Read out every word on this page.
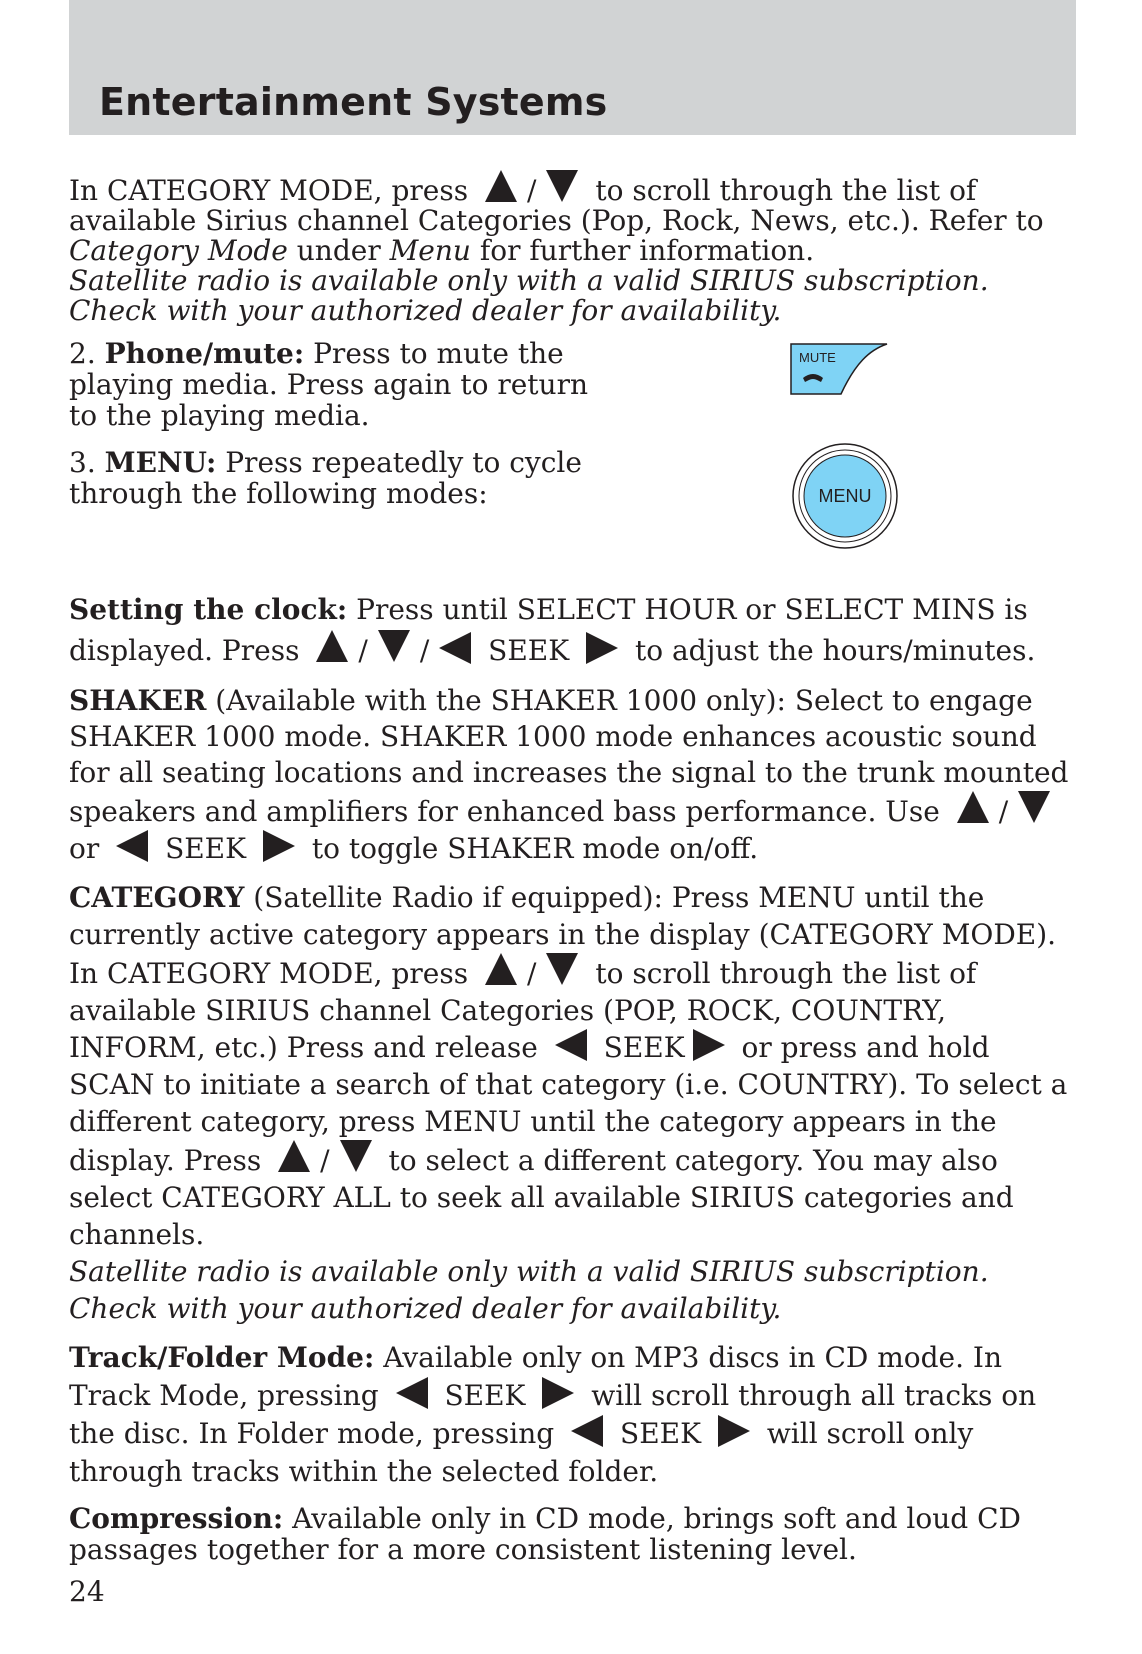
Entertainment Systems

In CATEGORY MODE, press / to scroll through the list of available Sirius channel Categories (Pop, Rock, News, etc.). Refer to Category Mode under Menu for further information.
Satellite radio is available only with a valid SIRIUS subscription. Check with your authorized dealer for availability.

2. Phone/mute: Press to mute the playing media. Press again to return to the playing media.
MUTE
3. MENU: Press repeatedly to cycle through the following modes:	MENU

Setting the clock: Press until SELECT HOUR or SELECT MINS is displayed. Press / / SEEK to adjust the hours/minutes.

SHAKER (Available with the SHAKER 1000 only): Select to engage SHAKER 1000 mode. SHAKER 1000 mode enhances acoustic sound for all seating locations and increases the signal to the trunk mounted speakers and amplifiers for enhanced bass performance. Use /
or SEEK to toggle SHAKER mode on/off.

CATEGORY (Satellite Radio if equipped): Press MENU until the currently active category appears in the display (CATEGORY MODE). In CATEGORY MODE, press / to scroll through the list of available SIRIUS channel Categories (POP, ROCK, COUNTRY, INFORM, etc.) Press and release SEEK or press and hold SCAN to initiate a search of that category (i.e. COUNTRY). To select a different category, press MENU until the category appears in the display. Press / to select a different category. You may also select CATEGORY ALL to seek all available SIRIUS categories and channels.
Satellite radio is available only with a valid SIRIUS subscription. Check with your authorized dealer for availability.

Track/Folder Mode: Available only on MP3 discs in CD mode. In Track Mode, pressing SEEK will scroll through all tracks on the disc. In Folder mode, pressing SEEK will scroll only through tracks within the selected folder.

Compression: Available only in CD mode, brings soft and loud CD passages together for a more consistent listening level.

24
